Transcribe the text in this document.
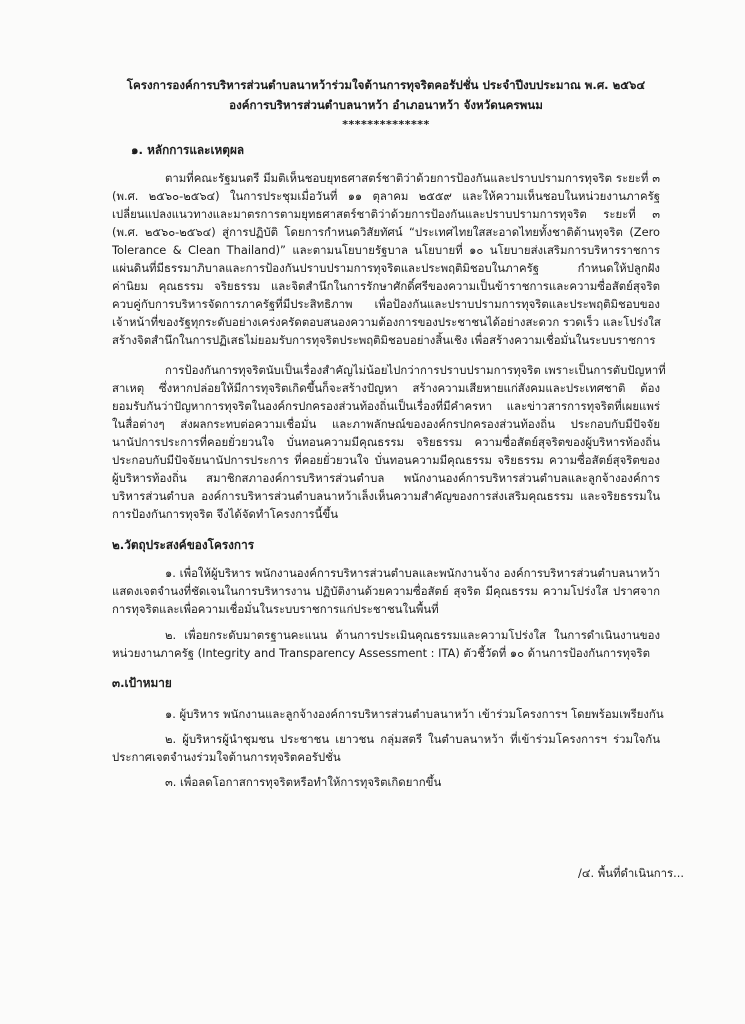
โครงการองค์การบริหารส่วนตำบลนาหว้าร่วมใจต้านการทุจริตคอรัปชั่น ประจำปีงบประมาณ พ.ศ. ๒๕๖๔
องค์การบริหารส่วนตำบลนาหว้า อำเภอนาหว้า จังหวัดนครพนม
**************
๑. หลักการและเหตุผล
ตามที่คณะรัฐมนตรี มีมติเห็นชอบยุทธศาสตร์ชาติว่าด้วยการป้องกันและปราบปรามการทุจริต ระยะที่ ๓
(พ.ศ. ๒๕๖๐-๒๕๖๔) ในการประชุมเมื่อวันที่ ๑๑ ตุลาคม ๒๕๕๙ และให้ความเห็นชอบในหน่วยงานภาครัฐ
เปลี่ยนแปลงแนวทางและมาตรการตามยุทธศาสตร์ชาติว่าด้วยการป้องกันและปราบปรามการทุจริต ระยะที่ ๓
(พ.ศ. ๒๕๖๐-๒๕๖๔) สู่การปฏิบัติ โดยการกำหนดวิสัยทัศน์ “ประเทศไทยใสสะอาดไทยทั้งชาติต้านทุจริต (Zero
Tolerance & Clean Thailand)” และตามนโยบายรัฐบาล นโยบายที่ ๑๐ นโยบายส่งเสริมการบริหารราชการ
แผ่นดินที่มีธรรมาภิบาลและการป้องกันปราบปรามการทุจริตและประพฤติมิชอบในภาครัฐ กำหนดให้ปลูกฝัง
ค่านิยม คุณธรรม จริยธรรม และจิตสำนึกในการรักษาศักดิ์ศรีของความเป็นข้าราชการและความซื่อสัตย์สุจริต
ควบคู่กับการบริหารจัดการภาครัฐที่มีประสิทธิภาพ เพื่อป้องกันและปราบปรามการทุจริตและประพฤติมิชอบของ
เจ้าหน้าที่ของรัฐทุกระดับอย่างเคร่งครัดตอบสนองความต้องการของประชาชนได้อย่างสะดวก รวดเร็ว และโปร่งใส
สร้างจิตสำนึกในการปฏิเสธไม่ยอมรับการทุจริตประพฤติมิชอบอย่างสิ้นเชิง เพื่อสร้างความเชื่อมั่นในระบบราชการ
การป้องกันการทุจริตนับเป็นเรื่องสำคัญไม่น้อยไปกว่าการปราบปรามการทุจริต เพราะเป็นการตับปัญหาที่
สาเหตุ ซึ่งหากปล่อยให้มีการทุจริตเกิดขึ้นก็จะสร้างปัญหา สร้างความเสียหายแก่สังคมและประเทศชาติ ต้อง
ยอมรับกันว่าปัญหาการทุจริตในองค์กรปกครองส่วนท้องถิ่นเป็นเรื่องที่มีคำครหา และข่าวสารการทุจริตที่เผยแพร่
ในสื่อต่างๆ ส่งผลกระทบต่อความเชื่อมั่น และภาพลักษณ์ขององค์กรปกครองส่วนท้องถิ่น ประกอบกับมีปัจจัย
นานัปการประการที่คอยยั่วยวนใจ บั่นทอนความมีคุณธรรม จริยธรรม ความซื่อสัตย์สุจริตของผู้บริหารท้องถิ่น
ประกอบกับมีปัจจัยนานัปการประการ ที่คอยยั่วยวนใจ บั่นทอนความมีคุณธรรม จริยธรรม ความซื่อสัตย์สุจริตของ
ผู้บริหารท้องถิ่น สมาชิกสภาองค์การบริหารส่วนตำบล พนักงานองค์การบริหารส่วนตำบลและลูกจ้างองค์การ
บริหารส่วนตำบล องค์การบริหารส่วนตำบลนาหว้าเล็งเห็นความสำคัญของการส่งเสริมคุณธรรม และจริยธรรมใน
การป้องกันการทุจริต จึงได้จัดทำโครงการนี้ขึ้น
๒.วัตถุประสงค์ของโครงการ
๑. เพื่อให้ผู้บริหาร พนักงานองค์การบริหารส่วนตำบลและพนักงานจ้าง องค์การบริหารส่วนตำบลนาหว้า
แสดงเจตจำนงที่ชัดเจนในการบริหารงาน ปฏิบัติงานด้วยความซื่อสัตย์ สุจริต มีคุณธรรม ความโปร่งใส ปราศจาก
การทุจริตและเพื่อความเชื่อมั่นในระบบราชการแก่ประชาชนในพื้นที่
๒. เพื่อยกระดับมาตรฐานคะแนน ด้านการประเมินคุณธรรมและความโปร่งใส ในการดำเนินงานของ
หน่วยงานภาครัฐ (Integrity and Transparency Assessment : ITA) ตัวชี้วัดที่ ๑๐ ด้านการป้องกันการทุจริต
๓.เป้าหมาย
๑. ผู้บริหาร พนักงานและลูกจ้างองค์การบริหารส่วนตำบลนาหว้า เข้าร่วมโครงการฯ โดยพร้อมเพรียงกัน
๒. ผู้บริหารผู้นำชุมชน ประชาชน เยาวชน กลุ่มสตรี ในตำบลนาหว้า ที่เข้าร่วมโครงการฯ ร่วมใจกัน
ประกาศเจตจำนงร่วมใจต้านการทุจริตคอรัปชั่น
๓. เพื่อลดโอกาสการทุจริตหรือทำให้การทุจริตเกิดยากขึ้น
/๔. พื้นที่ดำเนินการ...
